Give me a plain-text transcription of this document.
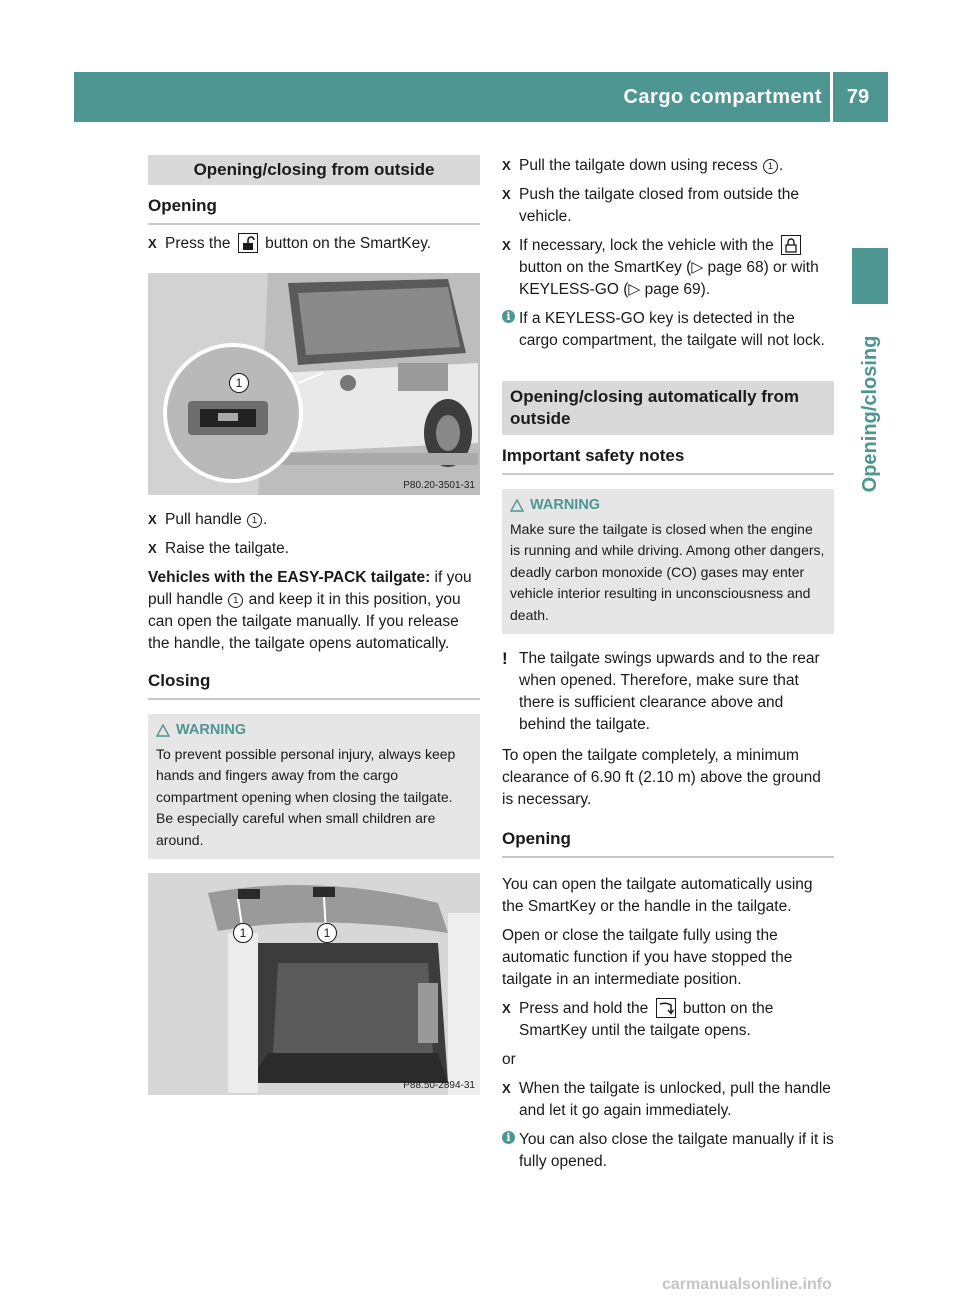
Cargo compartment	79
Opening/closing
Opening/closing from outside
Opening
X Press the button on the SmartKey.
1
P80.20-3501-31
X Pull handle 1 .
X Raise the tailgate.

Vehicles with the EASY-PACK tailgate: if you pull handle 1 and keep it in this position, you can open the tailgate manually. If you release the handle, the tailgate opens automatically.

Closing
WARNING
To prevent possible personal injury, always keep hands and fingers away from the cargo compartment opening when closing the tailgate. Be especially careful when small children are around.
1	1
P88.50-2894-31
X Pull the tailgate down using recess 1 .
X Push the tailgate closed from outside the vehicle.
X If necessary, lock the vehicle with the  button on the SmartKey (▷ page 68) or with KEYLESS-GO (▷ page 69).
i If a KEYLESS-GO key is detected in the cargo compartment, the tailgate will not lock.
Opening/closing automatically from outside
Important safety notes
WARNING
Make sure the tailgate is closed when the engine is running and while driving. Among other dangers, deadly carbon monoxide (CO) gases may enter vehicle interior resulting in unconsciousness and death.
! The tailgate swings upwards and to the rear when opened. Therefore, make sure that there is sufficient clearance above and behind the tailgate.

To open the tailgate completely, a minimum clearance of 6.90 ft (2.10 m) above the ground is necessary.

Opening

You can open the tailgate automatically using the SmartKey or the handle in the tailgate.

Open or close the tailgate fully using the automatic function if you have stopped the tailgate in an intermediate position.

X Press and hold the button on the SmartKey until the tailgate opens.

or

X When the tailgate is unlocked, pull the handle and let it go again immediately.
i You can also close the tailgate manually if it is fully opened.
carmanualsonline.info
